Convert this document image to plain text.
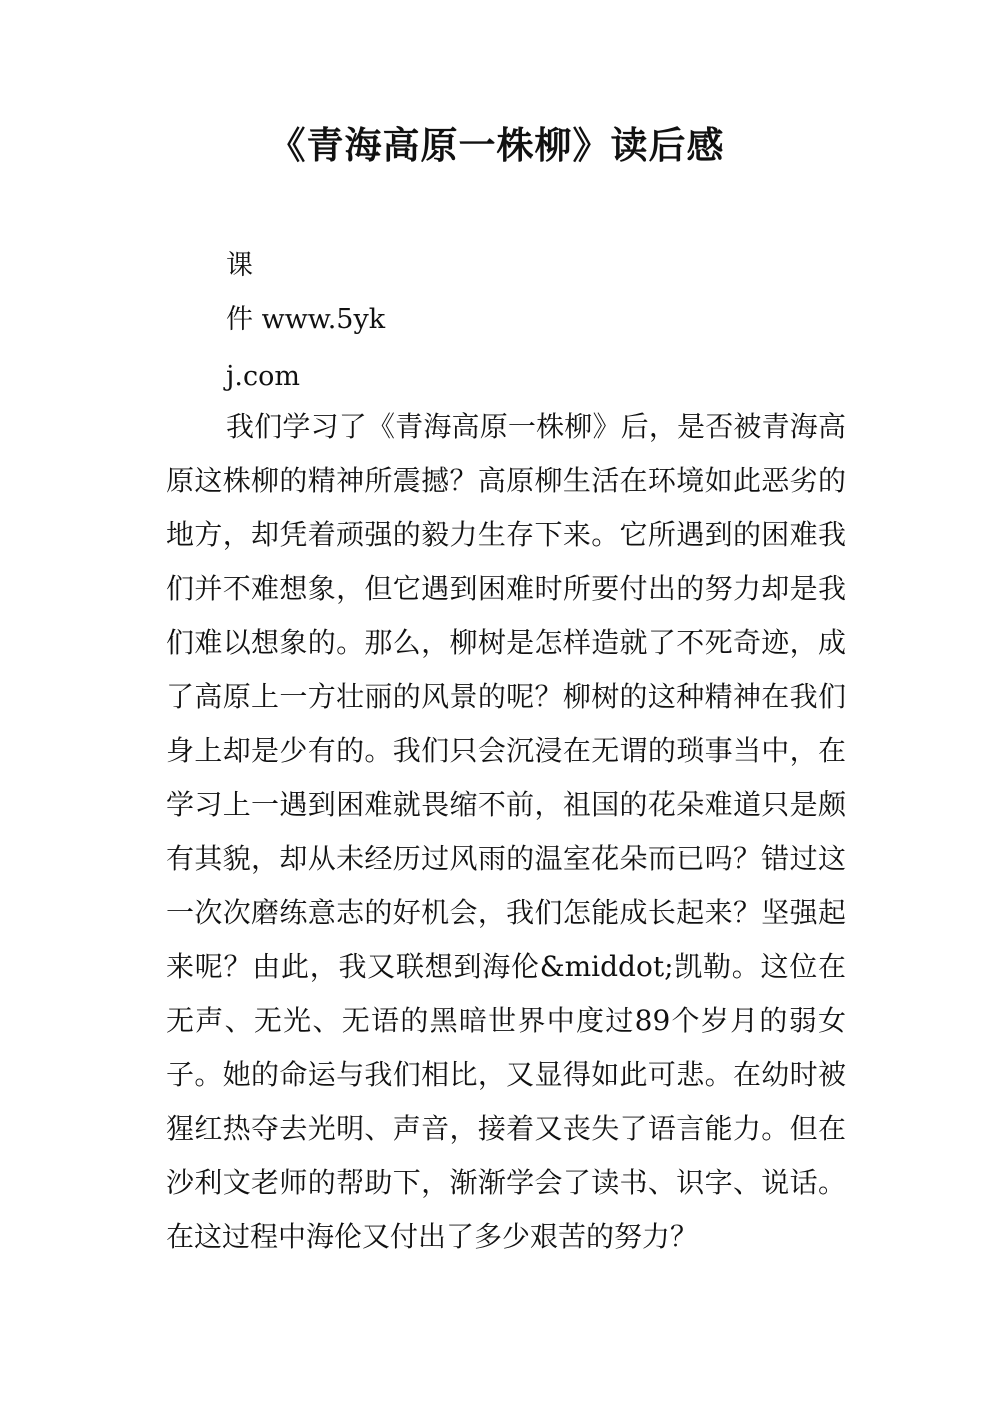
《青海高原一株柳》读后感
课
件 www.5yk
j.com

我们学习了《青海高原一株柳》后，是否被青海高原这株柳的精神所震撼？高原柳生活在环境如此恶劣的地方，却凭着顽强的毅力生存下来。它所遇到的困难我们并不难想象，但它遇到困难时所要付出的努力却是我们难以想象的。那么，柳树是怎样造就了不死奇迹，成了高原上一方壮丽的风景的呢？柳树的这种精神在我们身上却是少有的。我们只会沉浸在无谓的琐事当中，在学习上一遇到困难就畏缩不前，祖国的花朵难道只是颇有其貌，却从未经历过风雨的温室花朵而已吗？错过这一次次磨练意志的好机会，我们怎能成长起来？坚强起来呢？由此，我又联想到海伦&middot;凯勒。这位在无声、无光、无语的黑暗世界中度过89个岁月的弱女子。她的命运与我们相比，又显得如此可悲。在幼时被猩红热夺去光明、声音，接着又丧失了语言能力。但在沙利文老师的帮助下，渐渐学会了读书、识字、说话。在这过程中海伦又付出了多少艰苦的努力？
